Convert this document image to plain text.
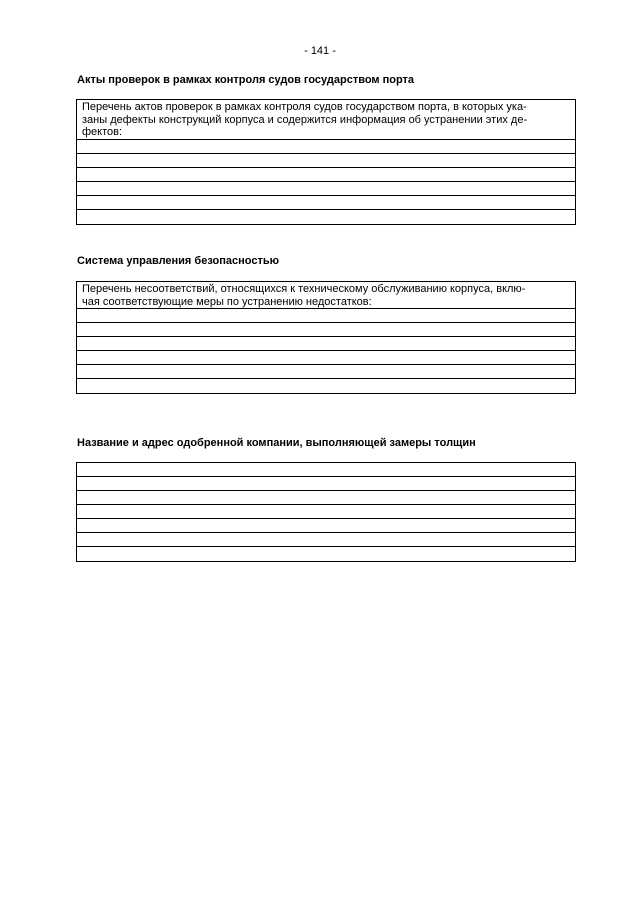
- 141 -
Акты проверок в рамках контроля судов государством порта
Перечень актов проверок в рамках контроля судов государством порта, в которых ука-
заны дефекты конструкций корпуса и содержится информация об устранении этих де-
фектов:
Система управления безопасностью
Перечень несоответствий, относящихся к техническому обслуживанию корпуса, вклю-
чая соответствующие меры по устранению недостатков:
Название и адрес одобренной компании, выполняющей замеры толщин
